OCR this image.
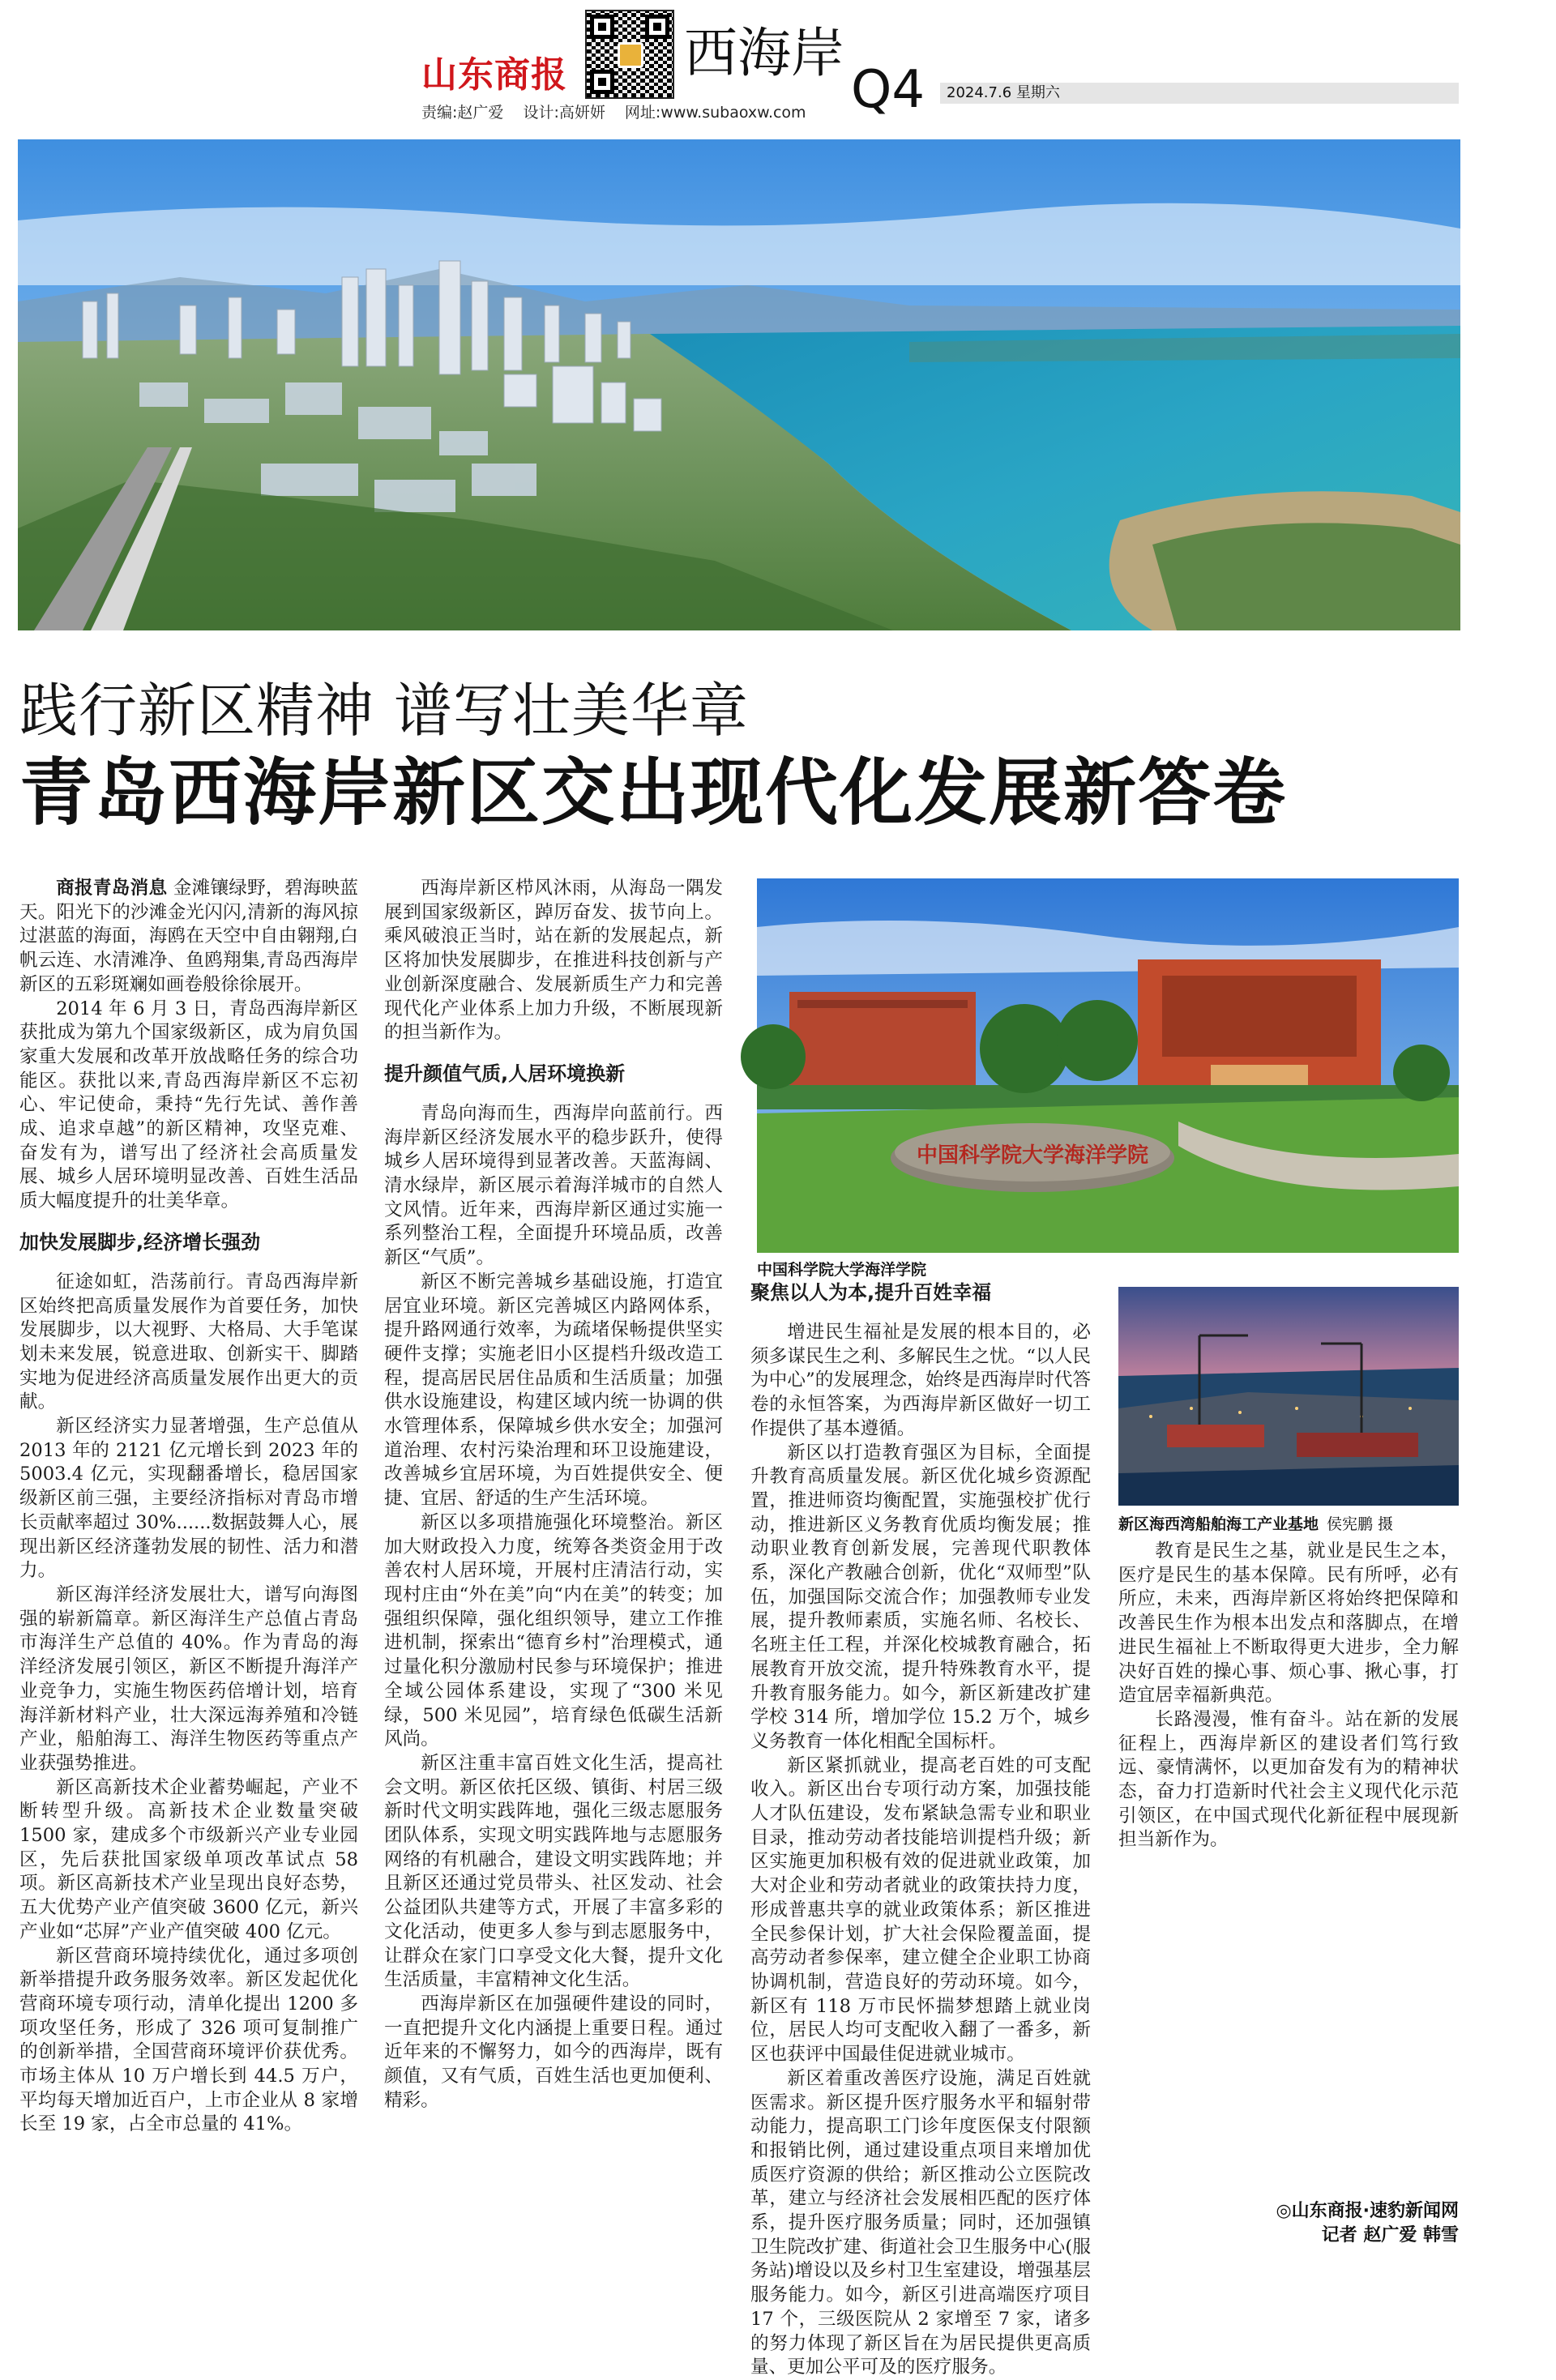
山东商报 西海岸
Q4
责编:赵广爱 设计:高妍妍 网址:www.subaoxw.com
2024.7.6 星期六
践行新区精神 谱写壮美华章
青岛西海岸新区交出现代化发展新答卷

商报青岛消息 金滩镶绿野，碧海映蓝天。阳光下的沙滩金光闪闪,清新的海风掠过湛蓝的海面，海鸥在天空中自由翱翔,白帆云连、水清滩净、鱼鸥翔集,青岛西海岸新区的五彩斑斓如画卷般徐徐展开。

2014 年 6 月 3 日，青岛西海岸新区获批成为第九个国家级新区，成为肩负国家重大发展和改革开放战略任务的综合功能区。获批以来,青岛西海岸新区不忘初心、牢记使命，秉持“先行先试、善作善成、追求卓越”的新区精神，攻坚克难、奋发有为，谱写出了经济社会高质量发展、城乡人居环境明显改善、百姓生活品质大幅度提升的壮美华章。

加快发展脚步,经济增长强劲

征途如虹，浩荡前行。青岛西海岸新区始终把高质量发展作为首要任务，加快发展脚步，以大视野、大格局、大手笔谋划未来发展，锐意进取、创新实干、脚踏实地为促进经济高质量发展作出更大的贡献。

新区经济实力显著增强，生产总值从 2013 年的 2121 亿元增长到 2023 年的 5003.4 亿元，实现翻番增长，稳居国家级新区前三强，主要经济指标对青岛市增长贡献率超过 30%......数据鼓舞人心，展现出新区经济蓬勃发展的韧性、活力和潜力。

新区海洋经济发展壮大，谱写向海图强的崭新篇章。新区海洋生产总值占青岛市海洋生产总值的 40%。作为青岛的海洋经济发展引领区，新区不断提升海洋产业竞争力，实施生物医药倍增计划，培育海洋新材料产业，壮大深远海养殖和冷链产业，船舶海工、海洋生物医药等重点产业获强势推进。

新区高新技术企业蓄势崛起，产业不断转型升级。高新技术企业数量突破 1500 家，建成多个市级新兴产业专业园区，先后获批国家级单项改革试点 58 项。新区高新技术产业呈现出良好态势，五大优势产业产值突破 3600 亿元，新兴产业如“芯屏”产业产值突破 400 亿元。

新区营商环境持续优化，通过多项创新举措提升政务服务效率。新区发起优化营商环境专项行动，清单化提出 1200 多项攻坚任务，形成了 326 项可复制推广的创新举措，全国营商环境评价获优秀。市场主体从 10 万户增长到 44.5 万户，平均每天增加近百户，上市企业从 8 家增长至 19 家，占全市总量的 41%。

西海岸新区栉风沐雨，从海岛一隅发展到国家级新区，踔厉奋发、拔节向上。乘风破浪正当时，站在新的发展起点，新区将加快发展脚步，在推进科技创新与产业创新深度融合、发展新质生产力和完善现代化产业体系上加力升级，不断展现新的担当新作为。

提升颜值气质,人居环境换新

青岛向海而生，西海岸向蓝前行。西海岸新区经济发展水平的稳步跃升，使得城乡人居环境得到显著改善。天蓝海阔、清水绿岸，新区展示着海洋城市的自然人文风情。近年来，西海岸新区通过实施一系列整治工程，全面提升环境品质，改善新区“气质”。

新区不断完善城乡基础设施，打造宜居宜业环境。新区完善城区内路网体系，提升路网通行效率，为疏堵保畅提供坚实硬件支撑；实施老旧小区提档升级改造工程，提高居民居住品质和生活质量；加强供水设施建设，构建区域内统一协调的供水管理体系，保障城乡供水安全；加强河道治理、农村污染治理和环卫设施建设，改善城乡宜居环境，为百姓提供安全、便捷、宜居、舒适的生产生活环境。

新区以多项措施强化环境整治。新区加大财政投入力度，统筹各类资金用于改善农村人居环境，开展村庄清洁行动，实现村庄由“外在美”向“内在美”的转变；加强组织保障，强化组织领导，建立工作推进机制，探索出“德育乡村”治理模式，通过量化积分激励村民参与环境保护；推进全域公园体系建设，实现了“300 米见绿，500 米见园”，培育绿色低碳生活新风尚。

新区注重丰富百姓文化生活，提高社会文明。新区依托区级、镇街、村居三级新时代文明实践阵地，强化三级志愿服务团队体系，实现文明实践阵地与志愿服务网络的有机融合，建设文明实践阵地；并且新区还通过党员带头、社区发动、社会公益团队共建等方式，开展了丰富多彩的文化活动，使更多人参与到志愿服务中，让群众在家门口享受文化大餐，提升文化生活质量，丰富精神文化生活。

西海岸新区在加强硬件建设的同时，一直把提升文化内涵提上重要日程。通过近年来的不懈努力，如今的西海岸，既有颜值，又有气质，百姓生活也更加便利、精彩。

中国科学院大学海洋学院
中国科学院大学海洋学院
聚焦以人为本,提升百姓幸福

增进民生福祉是发展的根本目的，必须多谋民生之利、多解民生之忧。“以人民为中心”的发展理念，始终是西海岸时代答卷的永恒答案，为西海岸新区做好一切工作提供了基本遵循。

新区以打造教育强区为目标，全面提升教育高质量发展。新区优化城乡资源配置，推进师资均衡配置，实施强校扩优行动，推进新区义务教育优质均衡发展；推动职业教育创新发展，完善现代职教体系，深化产教融合创新，优化“双师型”队伍，加强国际交流合作；加强教师专业发展，提升教师素质，实施名师、名校长、名班主任工程，并深化校城教育融合，拓展教育开放交流，提升特殊教育水平，提升教育服务能力。如今，新区新建改扩建学校 314 所，增加学位 15.2 万个，城乡义务教育一体化相配全国标杆。

新区紧抓就业，提高老百姓的可支配收入。新区出台专项行动方案，加强技能人才队伍建设，发布紧缺急需专业和职业目录，推动劳动者技能培训提档升级；新区实施更加积极有效的促进就业政策，加大对企业和劳动者就业的政策扶持力度，形成普惠共享的就业政策体系；新区推进全民参保计划，扩大社会保险覆盖面，提高劳动者参保率，建立健全企业职工协商协调机制，营造良好的劳动环境。如今，新区有 118 万市民怀揣梦想踏上就业岗位，居民人均可支配收入翻了一番多，新区也获评中国最佳促进就业城市。

新区着重改善医疗设施，满足百姓就医需求。新区提升医疗服务水平和辐射带动能力，提高职工门诊年度医保支付限额和报销比例，通过建设重点项目来增加优质医疗资源的供给；新区推动公立医院改革，建立与经济社会发展相匹配的医疗体系，提升医疗服务质量；同时，还加强镇卫生院改扩建、街道社会卫生服务中心(服务站)增设以及乡村卫生室建设，增强基层服务能力。如今，新区引进高端医疗项目 17 个，三级医院从 2 家增至 7 家，诸多的努力体现了新区旨在为居民提供更高质量、更加公平可及的医疗服务。

新区海西湾船舶海工产业基地 侯宪鹏 摄

教育是民生之基，就业是民生之本，医疗是民生的基本保障。民有所呼，必有所应，未来，西海岸新区将始终把保障和改善民生作为根本出发点和落脚点，在增进民生福祉上不断取得更大进步，全力解决好百姓的操心事、烦心事、揪心事，打造宜居幸福新典范。

长路漫漫，惟有奋斗。站在新的发展征程上，西海岸新区的建设者们笃行致远、豪情满怀，以更加奋发有为的精神状态，奋力打造新时代社会主义现代化示范引领区，在中国式现代化新征程中展现新担当新作为。

◎山东商报·速豹新闻网
记者 赵广爱 韩雪
